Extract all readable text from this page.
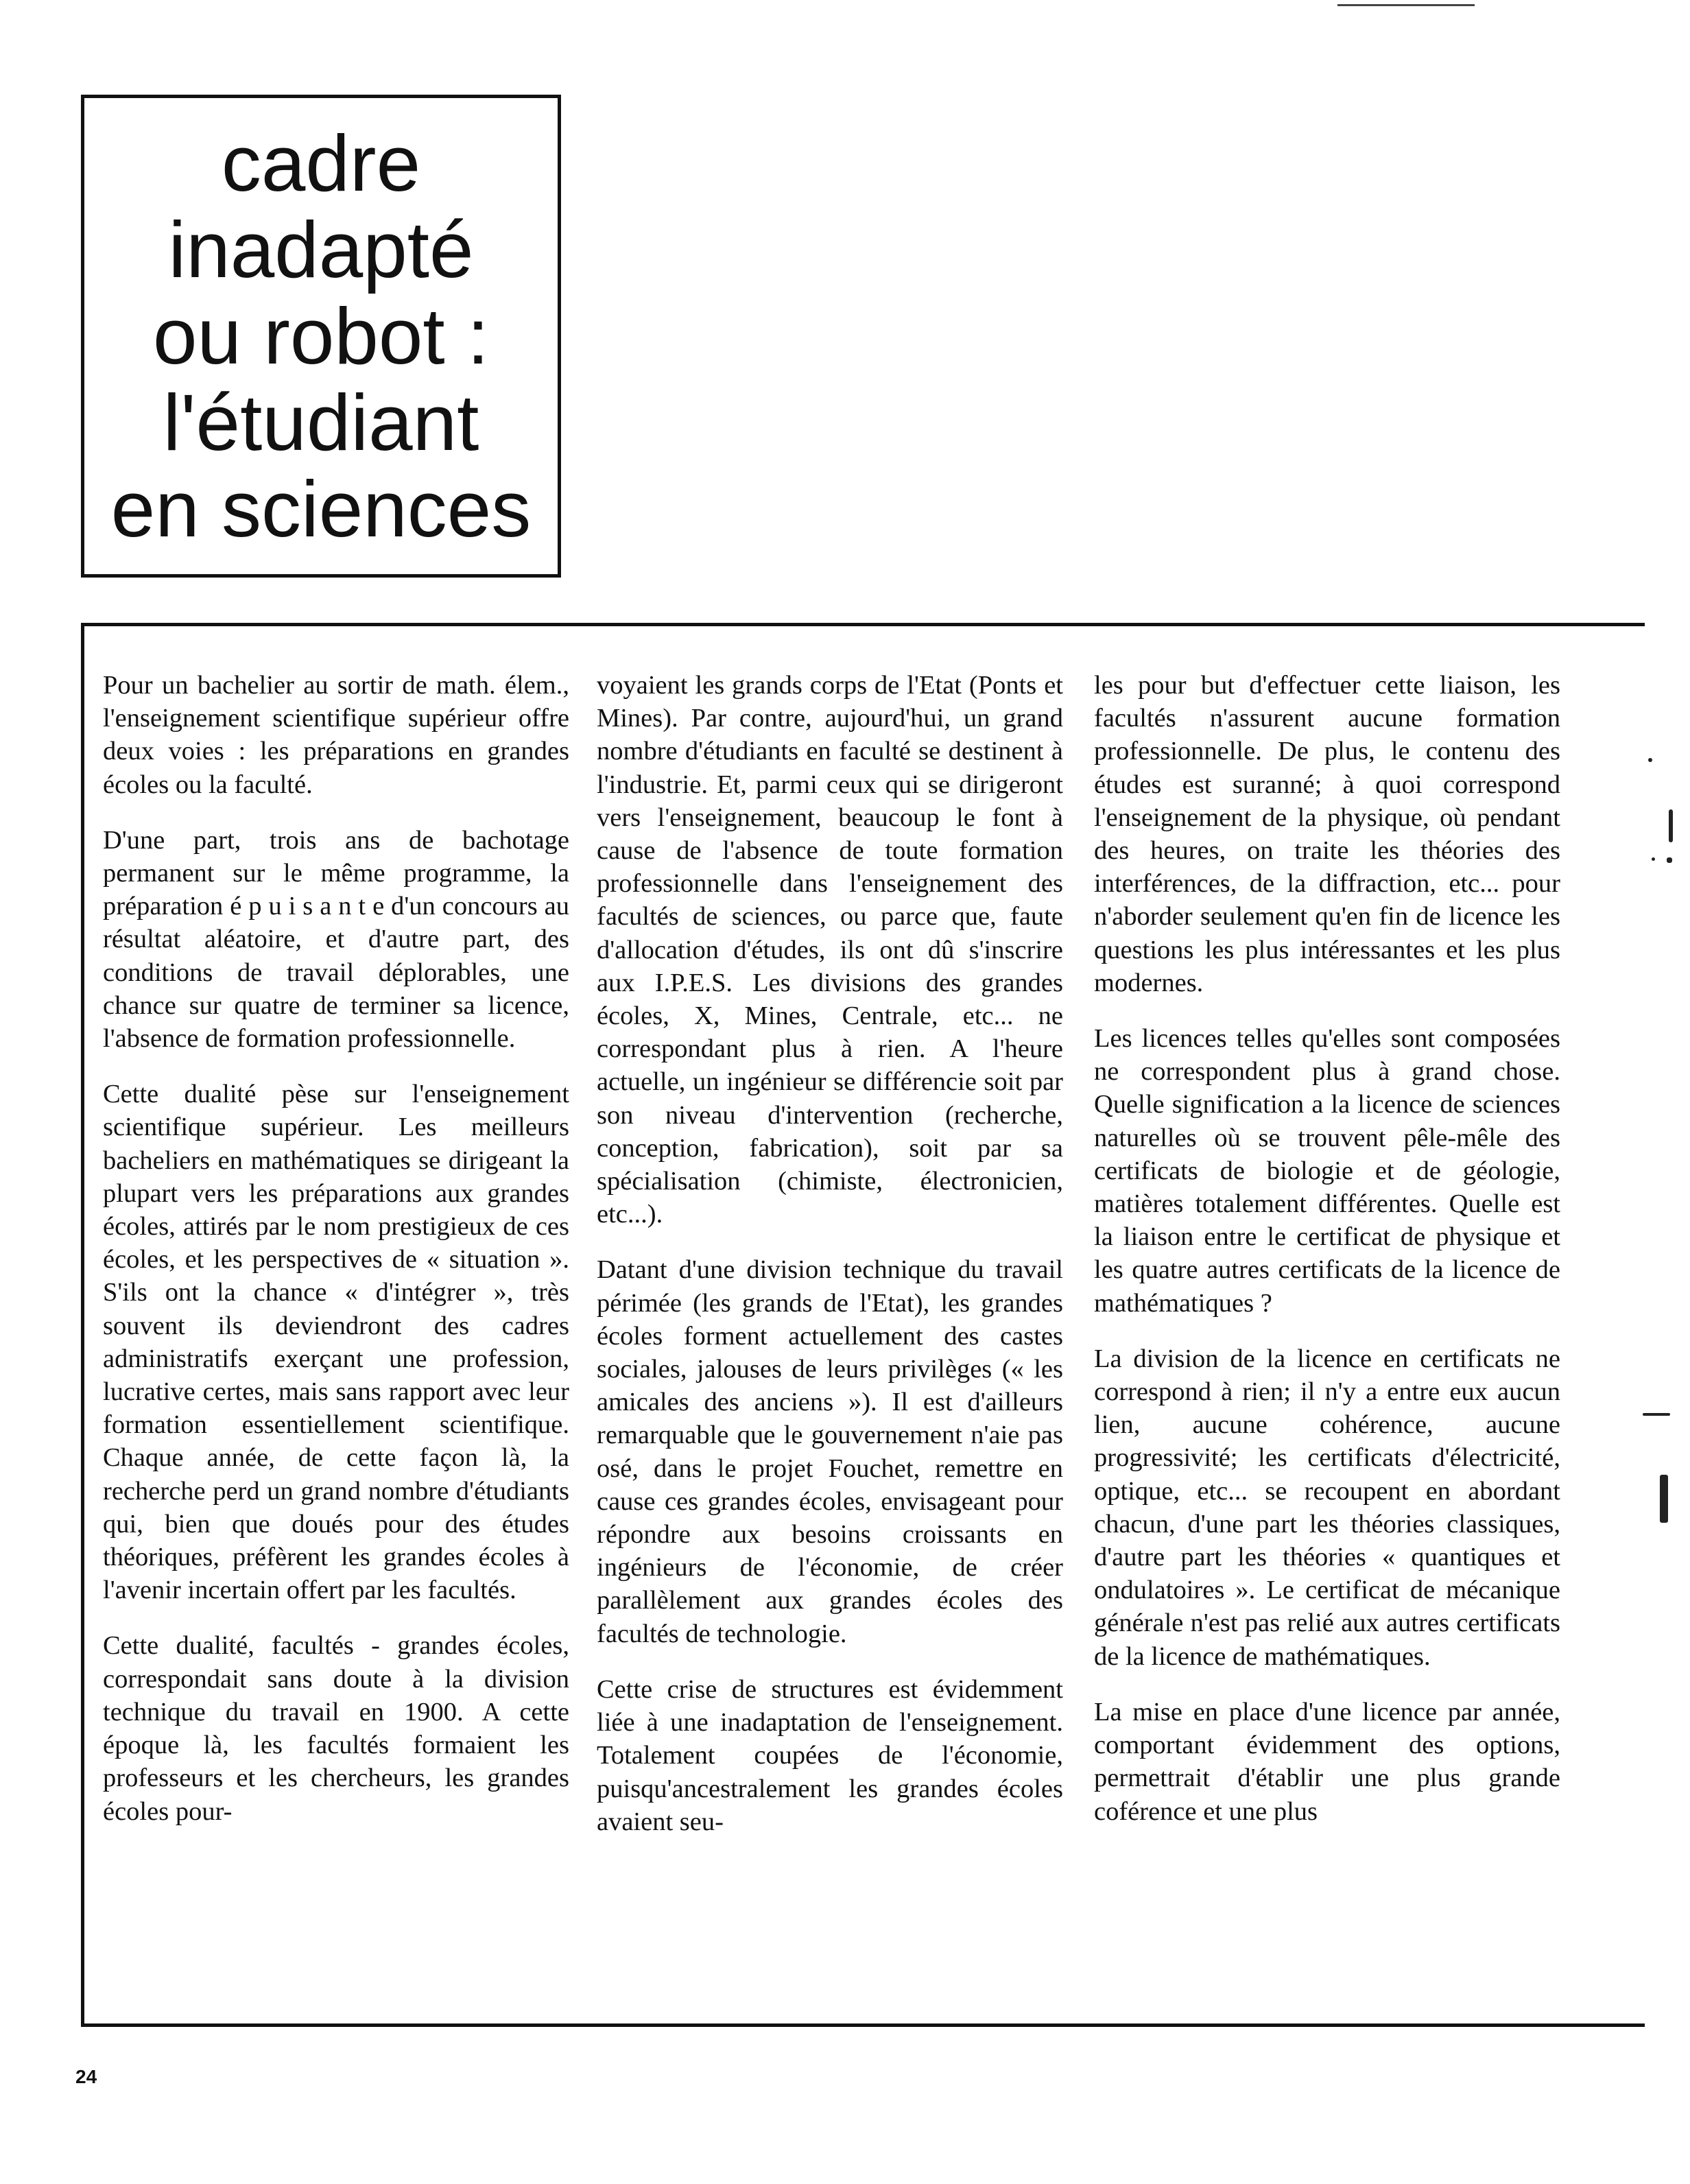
cadre
inadapté
ou robot :
l'étudiant
en sciences

Pour un bachelier au sortir de math. élem., l'enseignement scientifique supérieur offre deux voies : les préparations en grandes écoles ou la faculté.

D'une part, trois ans de bachotage permanent sur le même programme, la préparation é p u i s a n t e d'un concours au résultat aléatoire, et d'autre part, des conditions de travail déplorables, une chance sur quatre de terminer sa licence, l'absence de formation professionnelle.

Cette dualité pèse sur l'enseignement scientifique supérieur. Les meilleurs bacheliers en mathématiques se dirigeant la plupart vers les préparations aux grandes écoles, attirés par le nom prestigieux de ces écoles, et les perspectives de « situation ». S'ils ont la chance « d'intégrer », très souvent ils deviendront des cadres administratifs exerçant une profession, lucrative certes, mais sans rapport avec leur formation essentiellement scientifique. Chaque année, de cette façon là, la recherche perd un grand nombre d'étudiants qui, bien que doués pour des études théoriques, préfèrent les grandes écoles à l'avenir incertain offert par les facultés.

Cette dualité, facultés - grandes écoles, correspondait sans doute à la division technique du travail en 1900. A cette époque là, les facultés formaient les professeurs et les chercheurs, les grandes écoles pour-

voyaient les grands corps de l'Etat (Ponts et Mines). Par contre, aujourd'hui, un grand nombre d'étudiants en faculté se destinent à l'industrie. Et, parmi ceux qui se dirigeront vers l'enseignement, beaucoup le font à cause de l'absence de toute formation professionnelle dans l'enseignement des facultés de sciences, ou parce que, faute d'allocation d'études, ils ont dû s'inscrire aux I.P.E.S. Les divisions des grandes écoles, X, Mines, Centrale, etc... ne correspondant plus à rien. A l'heure actuelle, un ingénieur se différencie soit par son niveau d'intervention (recherche, conception, fabrication), soit par sa spécialisation (chimiste, électronicien, etc...).

Datant d'une division technique du travail périmée (les grands de l'Etat), les grandes écoles forment actuellement des castes sociales, jalouses de leurs privilèges (« les amicales des anciens »). Il est d'ailleurs remarquable que le gouvernement n'aie pas osé, dans le projet Fouchet, remettre en cause ces grandes écoles, envisageant pour répondre aux besoins croissants en ingénieurs de l'économie, de créer parallèlement aux grandes écoles des facultés de technologie.

Cette crise de structures est évidemment liée à une inadaptation de l'enseignement. Totalement coupées de l'économie, puisqu'ancestralement les grandes écoles avaient seu-

les pour but d'effectuer cette liaison, les facultés n'assurent aucune formation professionnelle. De plus, le contenu des études est suranné; à quoi correspond l'enseignement de la physique, où pendant des heures, on traite les théories des interférences, de la diffraction, etc... pour n'aborder seulement qu'en fin de licence les questions les plus intéressantes et les plus modernes.

Les licences telles qu'elles sont composées ne correspondent plus à grand chose. Quelle signification a la licence de sciences naturelles où se trouvent pêle-mêle des certificats de biologie et de géologie, matières totalement différentes. Quelle est la liaison entre le certificat de physique et les quatre autres certificats de la licence de mathématiques ?

La division de la licence en certificats ne correspond à rien; il n'y a entre eux aucun lien, aucune cohérence, aucune progressivité; les certificats d'électricité, optique, etc... se recoupent en abordant chacun, d'une part les théories classiques, d'autre part les théories « quantiques et ondulatoires ». Le certificat de mécanique générale n'est pas relié aux autres certificats de la licence de mathématiques.

La mise en place d'une licence par année, comportant évidemment des options, permettrait d'établir une plus grande coférence et une plus

24
